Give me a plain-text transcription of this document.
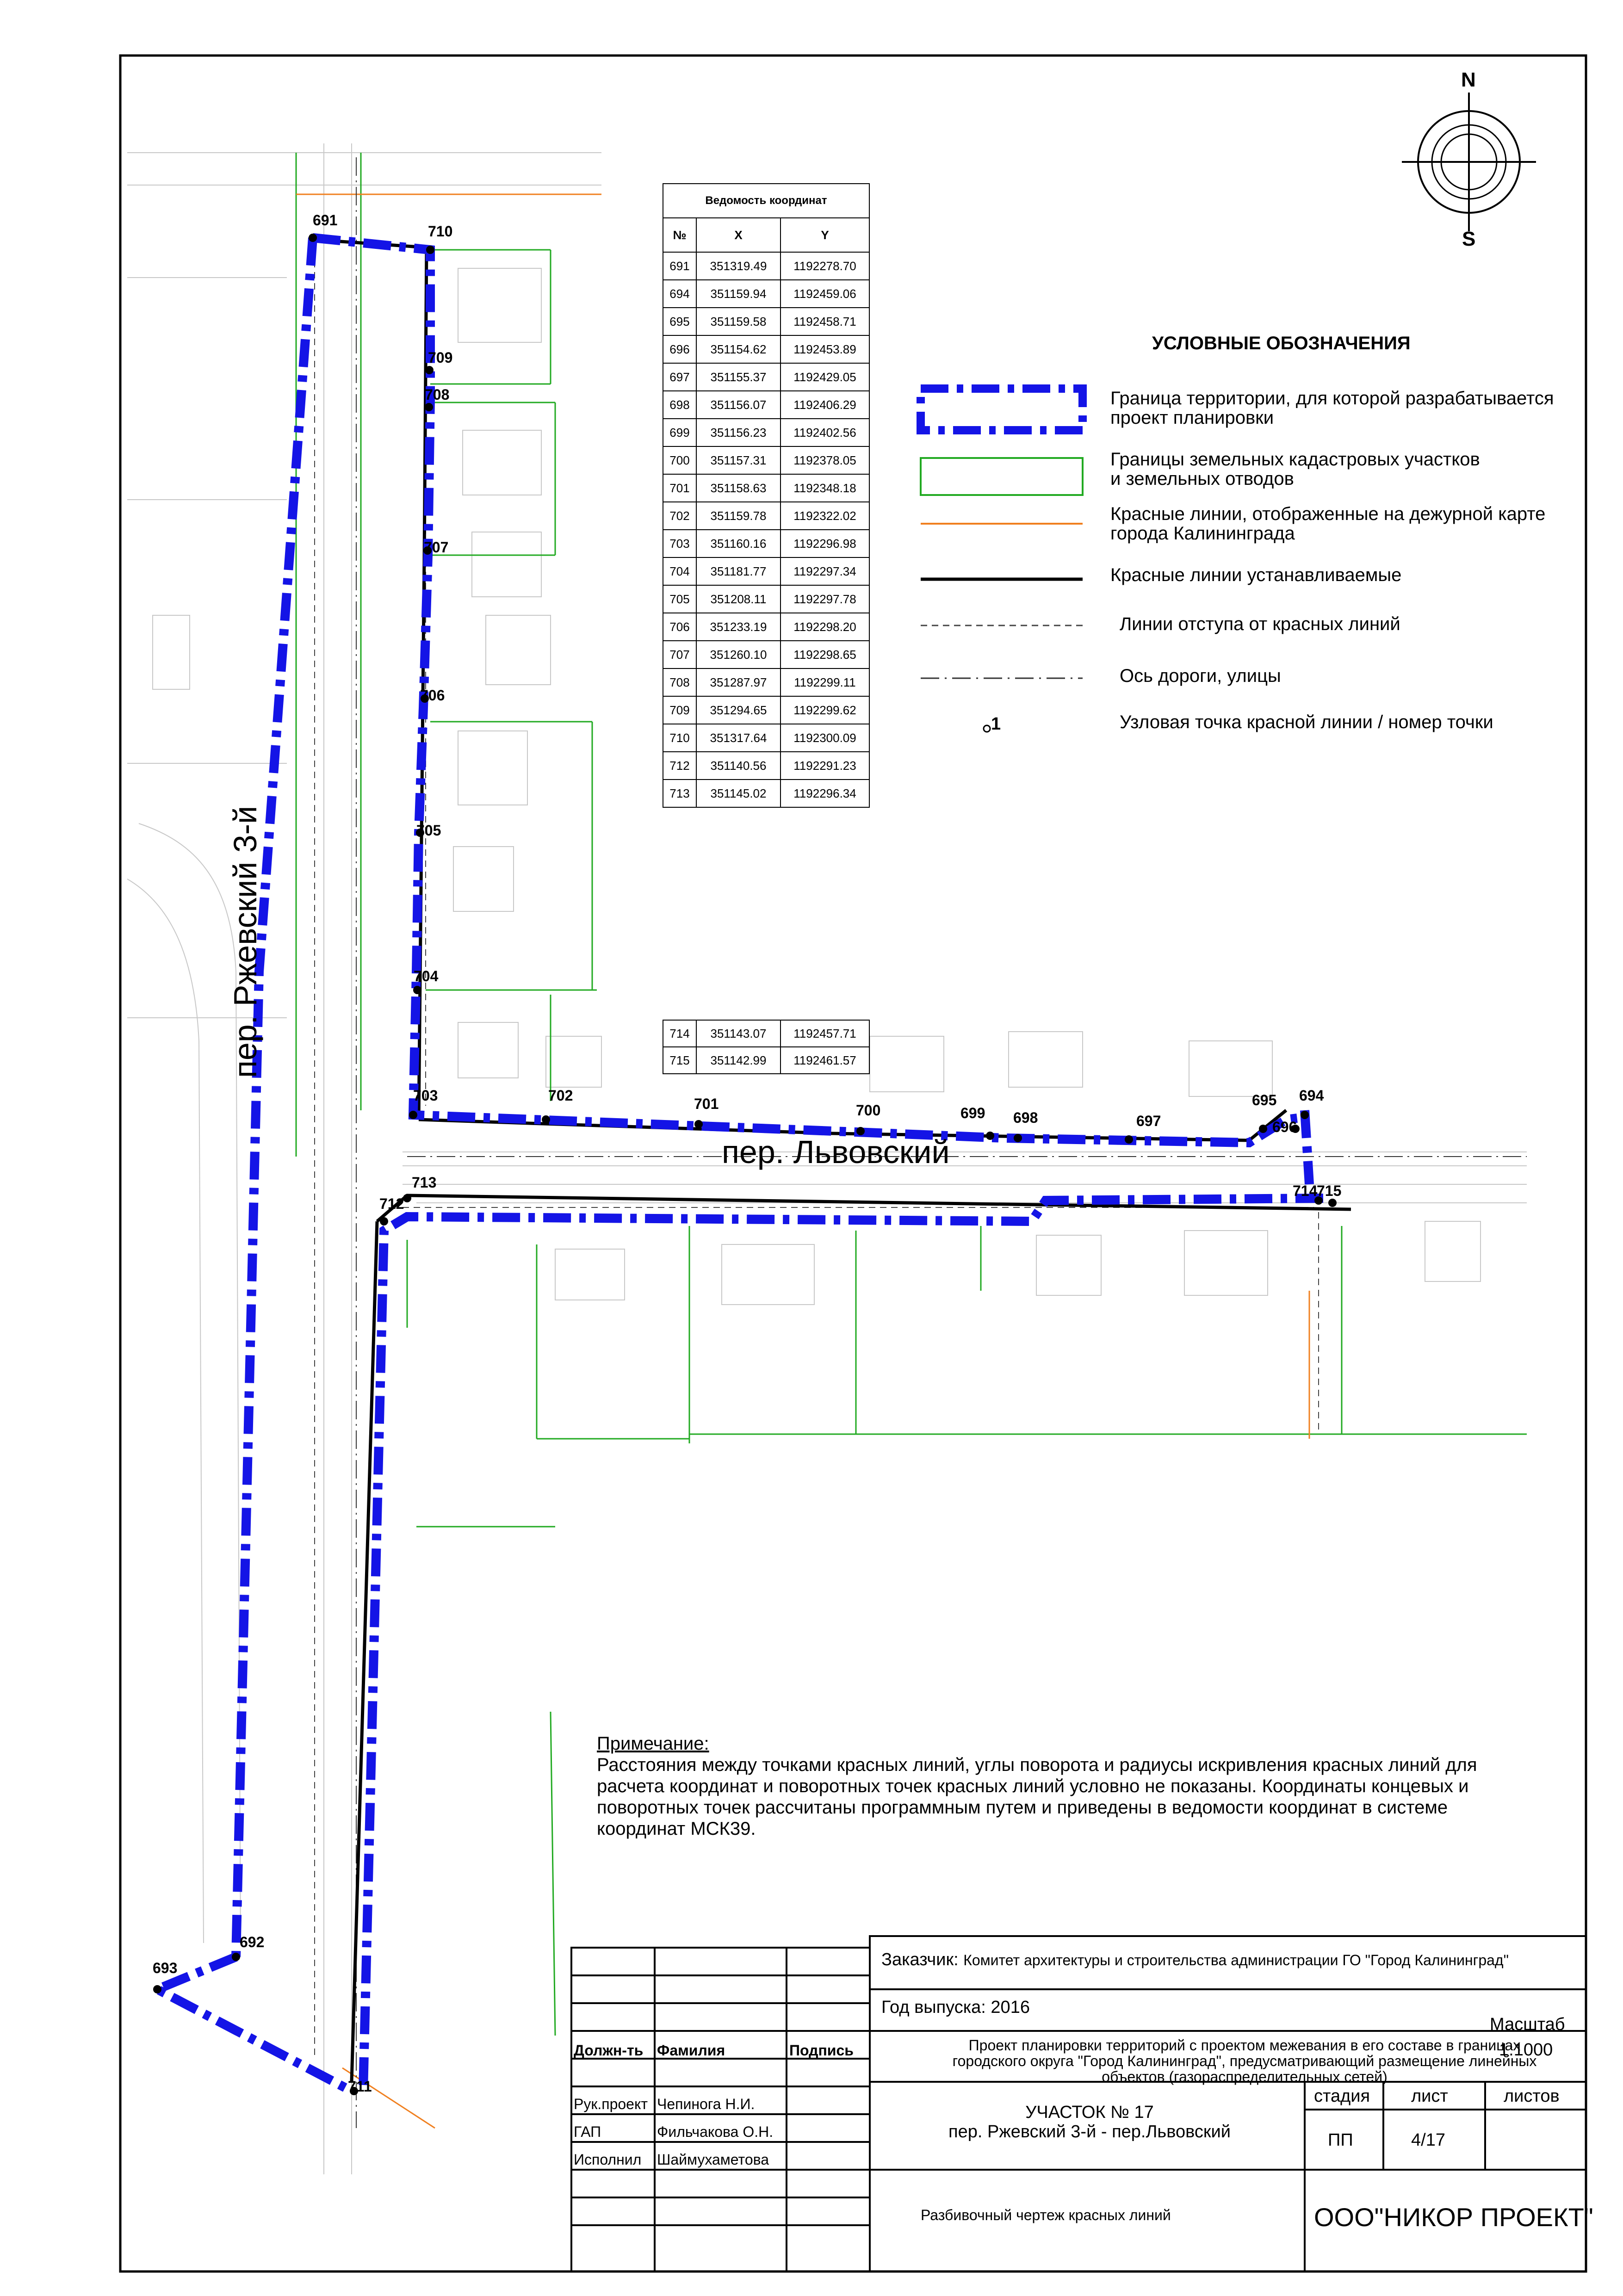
N
S
пер. Ржевский 3-й
пер. Львовский
691
710
709
708
707
706
705
704
703	702	701	700	699 698	697
695 694
696
714
715
713
712
692
693
711
Ведомость координат		
№	X	Y
691	351319.49	1192278.70
694	351159.94	1192459.06
695	351159.58	1192458.71
696	351154.62	1192453.89
697	351155.37	1192429.05
698	351156.07	1192406.29
699	351156.23	1192402.56
700	351157.31	1192378.05
701	351158.63	1192348.18
702	351159.78	1192322.02
703	351160.16	1192296.98
704	351181.77	1192297.34
705	351208.11	1192297.78
706	351233.19	1192298.20
707	351260.10	1192298.65
708	351287.97	1192299.11
709	351294.65	1192299.62
710	351317.64	1192300.09
712	351140.56	1192291.23
713	351145.02	1192296.34
714	351143.07	1192457.71
715	351142.99	1192461.57
УСЛОВНЫЕ ОБОЗНАЧЕНИЯ
Граница территории, для которой разрабатывается
проект планировки
Границы земельных кадастровых участков
и земельных отводов
Красные линии, отображенные на дежурной карте
города Калининграда
Красные линии устанавливаемые
Линии отступа от красных линий
Ось дороги, улицы
Узловая точка красной линии / номер точки
1
Примечание:
Расстояния между точками красных линий, углы поворота и радиусы искривления красных линий для
расчета координат и поворотных точек красных линий условно не показаны. Координаты концевых и
поворотных точек рассчитаны программным путем и приведены в ведомости координат в системе
координат МСК39.
Заказчик: Комитет архитектуры и строительства администрации ГО "Город Калининград"
Год выпуска: 2016
Масштаб
1:1000
Должн-ть Фамилия	Подпись	Проект планировки территорий с проектом межевания в его составе в границах
городского округа "Город Калининград", предусматривающий размещение линейных
объектов (газораспределительных сетей)
Рук.проект Чепинога Н.И.
ГАП	Фильчакова О.Н.
Исполнил Шаймухаметова
УЧАСТОК № 17
пер. Ржевский 3-й - пер.Львовский
стадия лист	листов
ПП	4/17
Разбивочный чертеж красных линий	ООО"НИКОР ПРОЕКТ"
